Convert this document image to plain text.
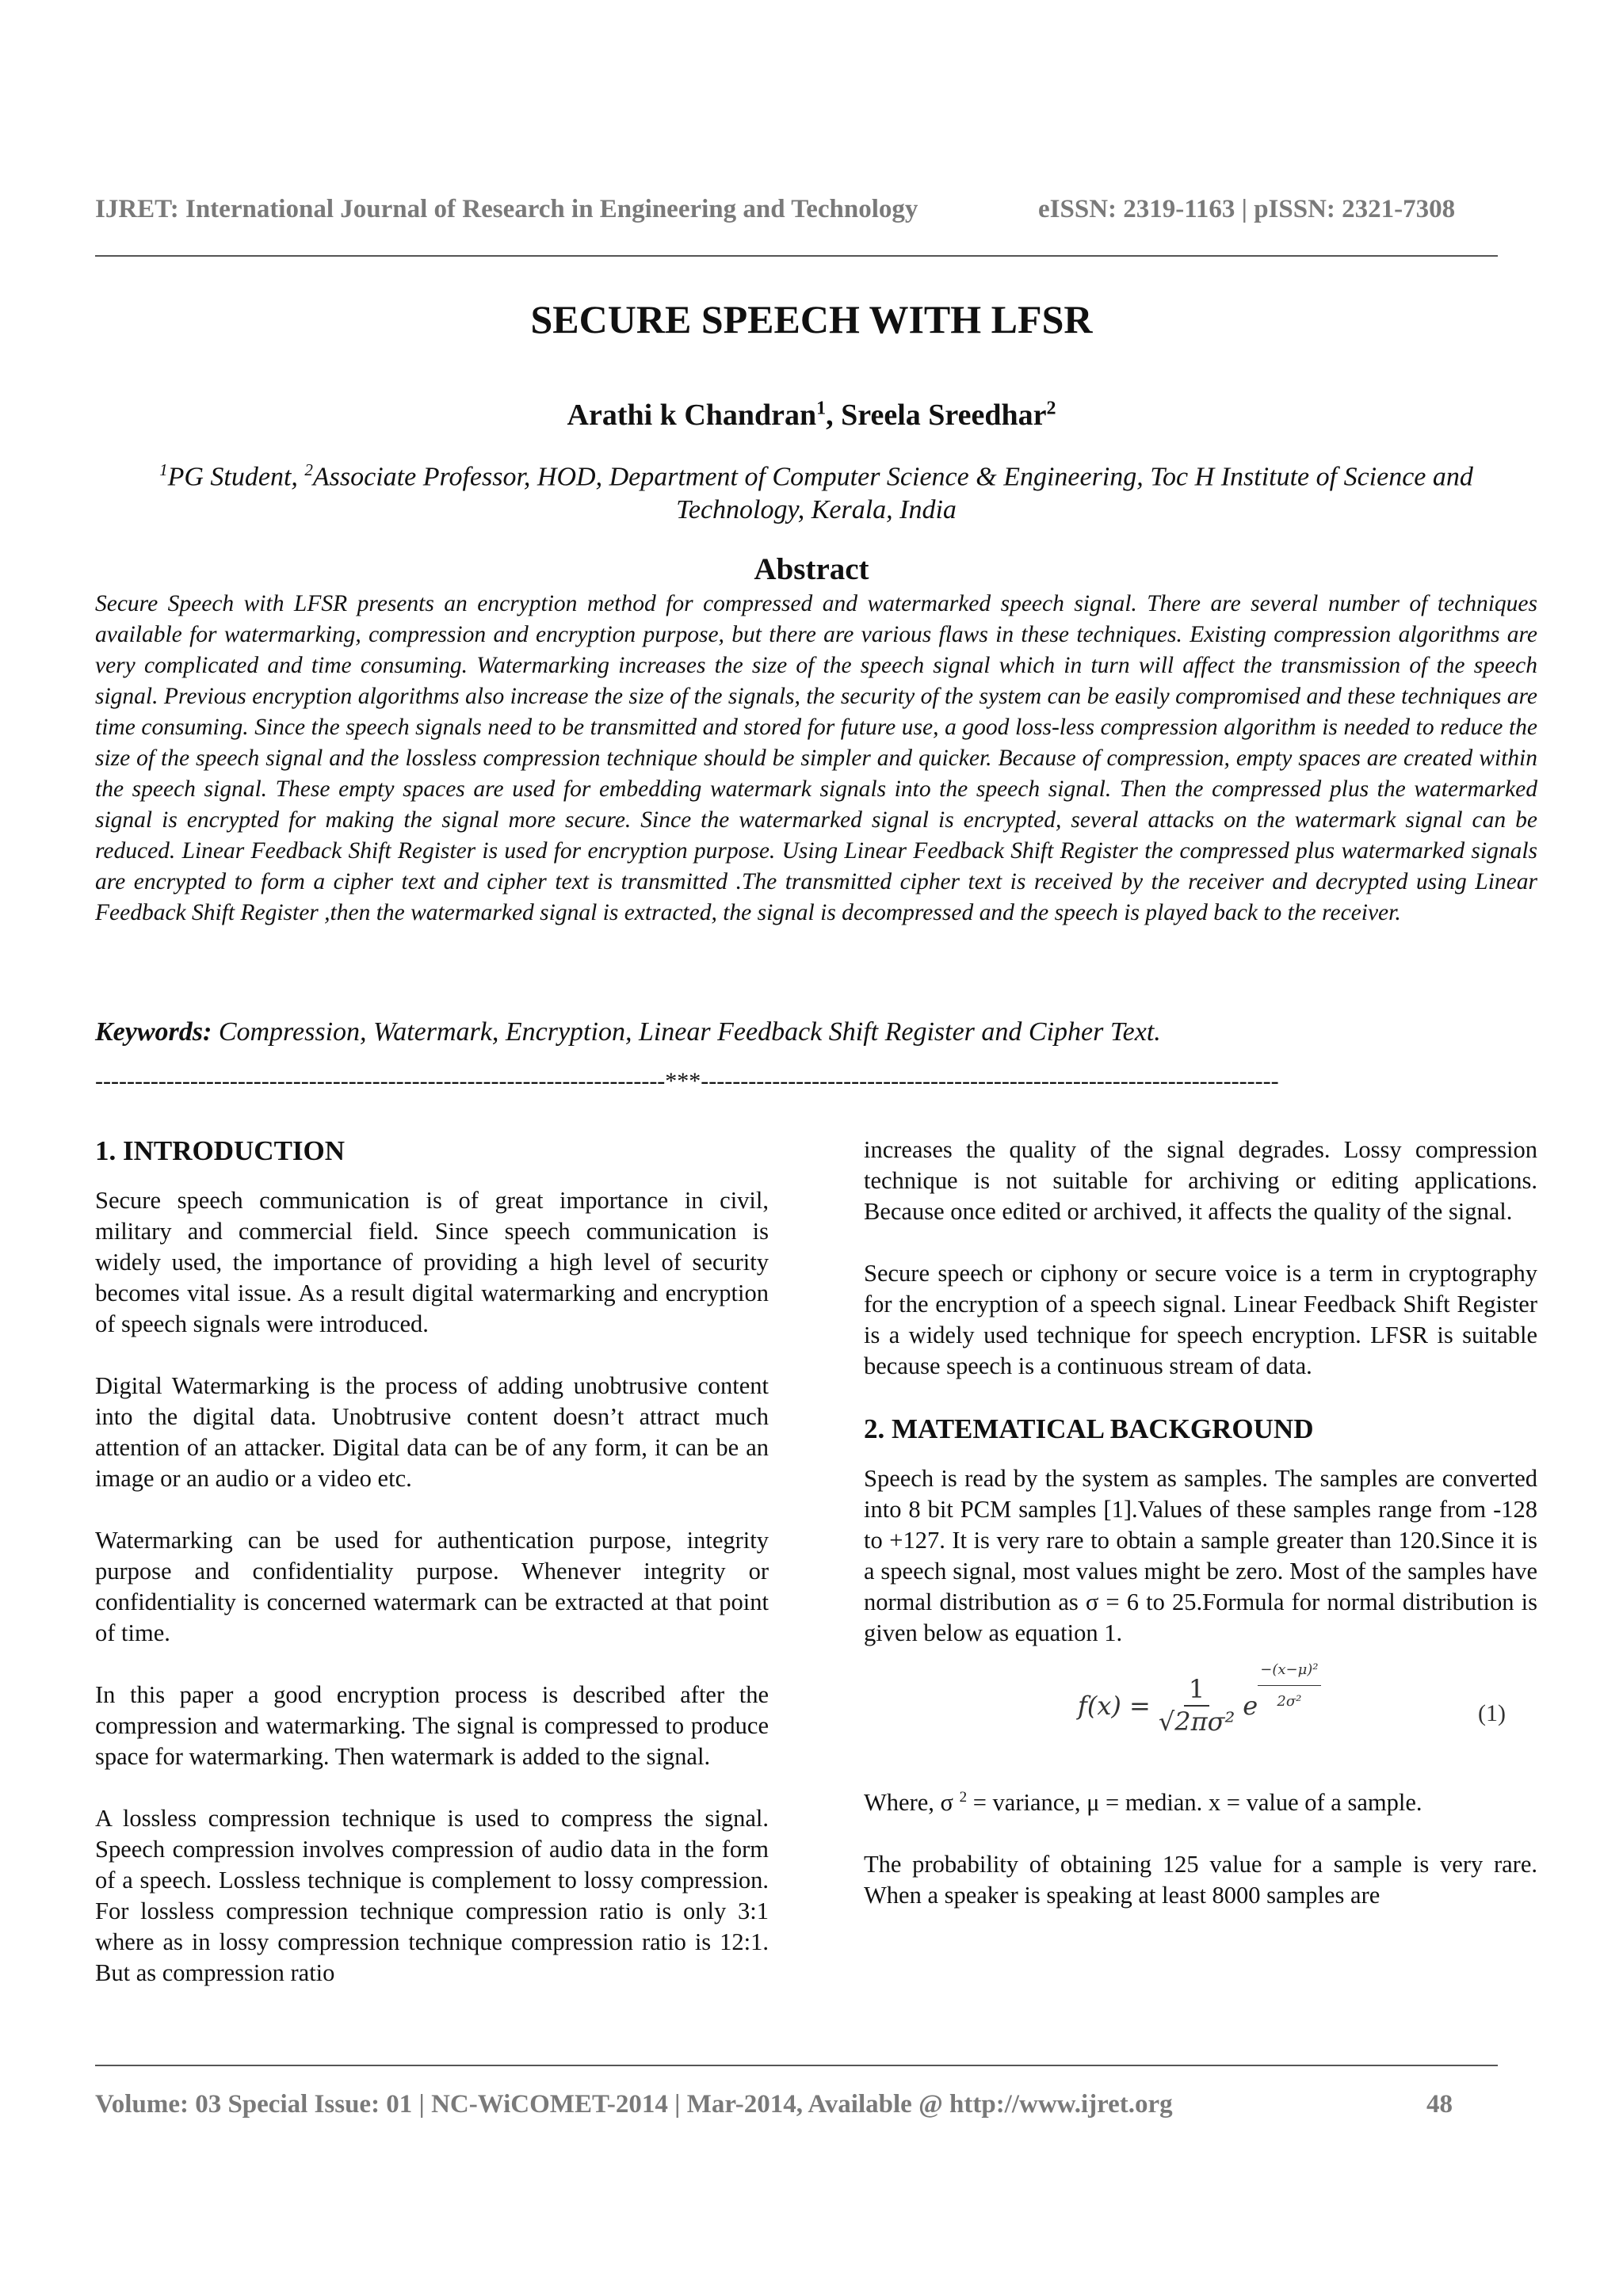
IJRET: International Journal of Research in Engineering and Technology	eISSN: 2319-1163 | pISSN: 2321-7308
SECURE SPEECH WITH LFSR
Arathi k Chandran$^1$, Sreela Sreedhar$^2$
$^1$PG Student, $^2$Associate Professor, HOD, Department of Computer Science & Engineering, Toc H Institute of Science and Technology, Kerala, India
Abstract
Secure Speech with LFSR presents an encryption method for compressed and watermarked speech signal. There are several number of techniques available for watermarking, compression and encryption purpose, but there are various flaws in these techniques. Existing compression algorithms are very complicated and time consuming. Watermarking increases the size of the speech signal which in turn will affect the transmission of the speech signal. Previous encryption algorithms also increase the size of the signals, the security of the system can be easily compromised and these techniques are time consuming. Since the speech signals need to be transmitted and stored for future use, a good loss-less compression algorithm is needed to reduce the size of the speech signal and the lossless compression technique should be simpler and quicker. Because of compression, empty spaces are created within the speech signal. These empty spaces are used for embedding watermark signals into the speech signal. Then the compressed plus the watermarked signal is encrypted for making the signal more secure. Since the watermarked signal is encrypted, several attacks on the watermark signal can be reduced. Linear Feedback Shift Register is used for encryption purpose. Using Linear Feedback Shift Register the compressed plus watermarked signals are encrypted to form a cipher text and cipher text is transmitted .The transmitted cipher text is received by the receiver and decrypted using Linear Feedback Shift Register ,then the watermarked signal is extracted, the signal is decompressed and the speech is played back to the receiver.
Keywords: Compression, Watermark, Encryption, Linear Feedback Shift Register and Cipher Text.
------------------------------------------------------------------------***-------------------------------------------------------------------------
1. INTRODUCTION

Secure speech communication is of great importance in civil, military and commercial field. Since speech communication is widely used, the importance of providing a high level of security becomes vital issue. As a result digital watermarking and encryption of speech signals were introduced.

Digital Watermarking is the process of adding unobtrusive content into the digital data. Unobtrusive content doesn’t attract much attention of an attacker. Digital data can be of any form, it can be an image or an audio or a video etc.

Watermarking can be used for authentication purpose, integrity purpose and confidentiality purpose. Whenever integrity or confidentiality is concerned watermark can be extracted at that point of time.

In this paper a good encryption process is described after the compression and watermarking. The signal is compressed to produce space for watermarking. Then watermark is added to the signal.

A lossless compression technique is used to compress the signal. Speech compression involves compression of audio data in the form of a speech. Lossless technique is complement to lossy compression. For lossless compression technique compression ratio is only 3:1 where as in lossy compression technique compression ratio is 12:1. But as compression ratio

increases the quality of the signal degrades. Lossy compression technique is not suitable for archiving or editing applications. Because once edited or archived, it affects the quality of the signal.

Secure speech or ciphony or secure voice is a term in cryptography for the encryption of a speech signal. Linear Feedback Shift Register is a widely used technique for speech encryption. LFSR is suitable because speech is a continuous stream of data.

2. MATEMATICAL BACKGROUND

Speech is read by the system as samples. The samples are converted into 8 bit PCM samples [1].Values of these samples range from -128 to +127. It is very rare to obtain a sample greater than 120.Since it is a speech signal, most values might be zero. Most of the samples have normal distribution as σ = 6 to 25.Formula for normal distribution is given below as equation 1.

$f(x) = \frac{1}{\text{√2πσ²}}$ e $\frac{\text{−(x−μ)²}}{\text{2σ²}}$	(1)

Where, σ $^2$ = variance, μ = median. x = value of a sample.

The probability of obtaining 125 value for a sample is very rare. When a speaker is speaking at least 8000 samples are

Volume: 03 Special Issue: 01 | NC-WiCOMET-2014 | Mar-2014, Available @ http://www.ijret.org	48
